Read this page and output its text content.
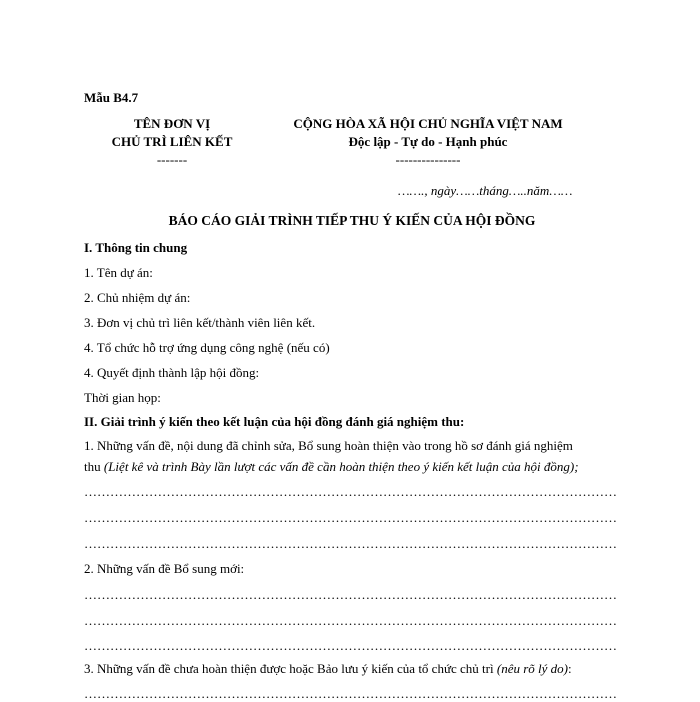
Mẫu B4.7
TÊN ĐƠN VỊ
CHỦ TRÌ LIÊN KẾT
-------
CỘNG HÒA XÃ HỘI CHỦ NGHĨA VIỆT NAM
Độc lập - Tự do - Hạnh phúc
---------------
……., ngày……tháng…..năm……
BÁO CÁO GIẢI TRÌNH TIẾP THU Ý KIẾN CỦA HỘI ĐỒNG
I. Thông tin chung
1. Tên dự án:
2. Chủ nhiệm dự án:
3. Đơn vị chủ trì liên kết/thành viên liên kết.
4. Tổ chức hỗ trợ ứng dụng công nghệ (nếu có)
4. Quyết định thành lập hội đồng:
Thời gian họp:
II. Giải trình ý kiến theo kết luận của hội đồng đánh giá nghiệm thu:
1. Những vấn đề, nội dung đã chỉnh sửa, Bổ sung hoàn thiện vào trong hồ sơ đánh giá nghiệm
thu (Liệt kê và trình Bày lần lượt các vấn đề cần hoàn thiện theo ý kiến kết luận của hội đồng);
……………………………………………………………………………………………………………
……………………………………………………………………………………………………………
……………………………………………………………………………………………………………
2. Những vấn đề Bổ sung mới:
……………………………………………………………………………………………………………
……………………………………………………………………………………………………………
……………………………………………………………………………………………………………
3. Những vấn đề chưa hoàn thiện được hoặc Bảo lưu ý kiến của tổ chức chủ trì (nêu rõ lý do):
……………………………………………………………………………………………………………
